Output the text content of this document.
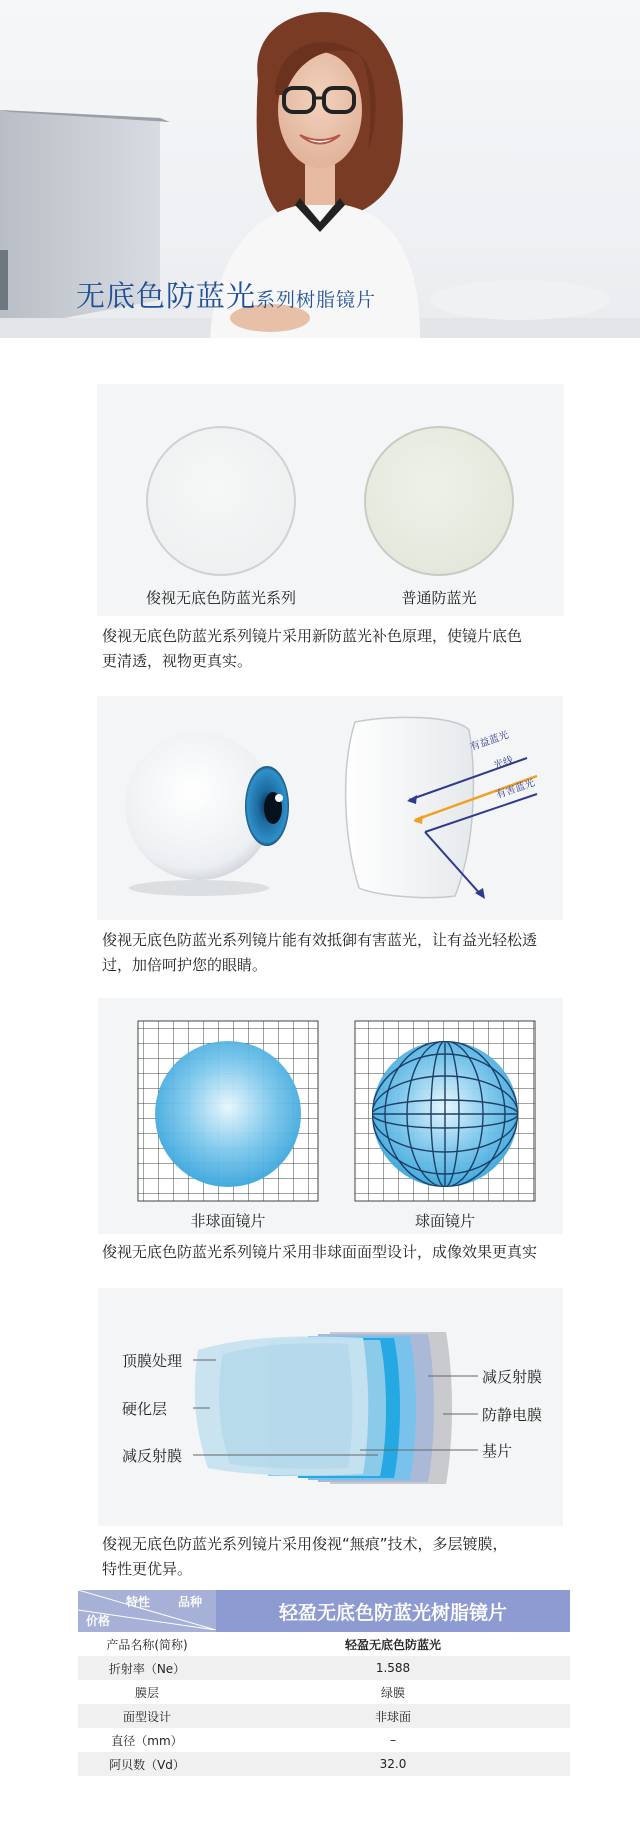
无底色防蓝光系列树脂镜片
俊视无底色防蓝光系列	普通防蓝光
俊视无底色防蓝光系列镜片采用新防蓝光补色原理，使镜片底色
更清透，视物更真实。
有益蓝光
光线
有害蓝光
俊视无底色防蓝光系列镜片能有效抵御有害蓝光，让有益光轻松透
过，加倍呵护您的眼睛。
非球面镜片	球面镜片
俊视无底色防蓝光系列镜片采用非球面面型设计，成像效果更真实
顶膜处理
硬化层
减反射膜
减反射膜
防静电膜
基片
俊视无底色防蓝光系列镜片采用俊视“無痕”技术，多层镀膜，
特性更优异。
特性 品种
价格	轻盈无底色防蓝光树脂镜片
产品名称(简称)	轻盈无底色防蓝光
折射率（Ne）	1.588
膜层	绿膜
面型设计	非球面
直径（mm）	–
阿贝数（Vd）	32.0
